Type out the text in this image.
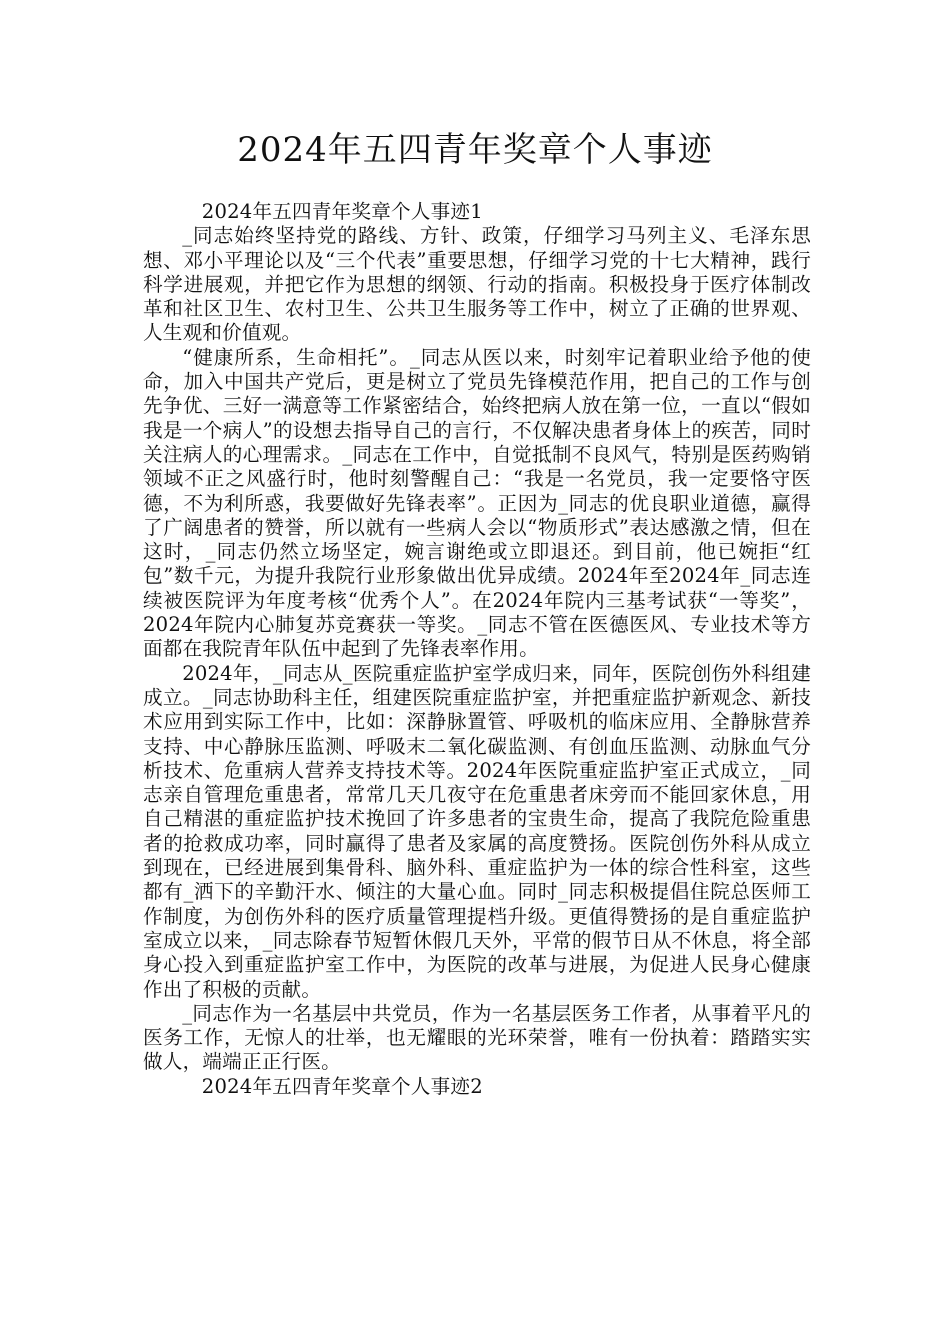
2024年五四青年奖章个人事迹

2024年五四青年奖章个人事迹1

_同志始终坚持党的路线、方针、政策，仔细学习马列主义、毛泽东思想、邓小平理论以及“三个代表”重要思想，仔细学习党的十七大精神，践行科学进展观，并把它作为思想的纲领、行动的指南。积极投身于医疗体制改革和社区卫生、农村卫生、公共卫生服务等工作中，树立了正确的世界观、人生观和价值观。

“健康所系，生命相托”。_同志从医以来，时刻牢记着职业给予他的使命，加入中国共产党后，更是树立了党员先锋模范作用，把自己的工作与创先争优、三好一满意等工作紧密结合，始终把病人放在第一位，一直以“假如我是一个病人”的设想去指导自己的言行，不仅解决患者身体上的疾苦，同时关注病人的心理需求。_同志在工作中，自觉抵制不良风气，特别是医药购销领域不正之风盛行时，他时刻警醒自己：“我是一名党员，我一定要恪守医德，不为利所惑，我要做好先锋表率”。正因为_同志的优良职业道德，赢得了广阔患者的赞誉，所以就有一些病人会以“物质形式”表达感激之情，但在这时，_同志仍然立场坚定，婉言谢绝或立即退还。到目前，他已婉拒“红包”数千元，为提升我院行业形象做出优异成绩。2024年至2024年_同志连续被医院评为年度考核“优秀个人”。在2024年院内三基考试获“一等奖”，2024年院内心肺复苏竞赛获一等奖。_同志不管在医德医风、专业技术等方面都在我院青年队伍中起到了先锋表率作用。

2024年，_同志从_医院重症监护室学成归来，同年，医院创伤外科组建成立。_同志协助科主任，组建医院重症监护室，并把重症监护新观念、新技术应用到实际工作中，比如：深静脉置管、呼吸机的临床应用、全静脉营养支持、中心静脉压监测、呼吸末二氧化碳监测、有创血压监测、动脉血气分析技术、危重病人营养支持技术等。2024年医院重症监护室正式成立，_同志亲自管理危重患者，常常几天几夜守在危重患者床旁而不能回家休息，用自己精湛的重症监护技术挽回了许多患者的宝贵生命，提高了我院危险重患者的抢救成功率，同时赢得了患者及家属的高度赞扬。医院创伤外科从成立到现在，已经进展到集骨科、脑外科、重症监护为一体的综合性科室，这些都有_洒下的辛勤汗水、倾注的大量心血。同时_同志积极提倡住院总医师工作制度，为创伤外科的医疗质量管理提档升级。更值得赞扬的是自重症监护室成立以来，_同志除春节短暂休假几天外，平常的假节日从不休息，将全部身心投入到重症监护室工作中，为医院的改革与进展，为促进人民身心健康作出了积极的贡献。

_同志作为一名基层中共党员，作为一名基层医务工作者，从事着平凡的医务工作，无惊人的壮举，也无耀眼的光环荣誉，唯有一份执着：踏踏实实做人，端端正正行医。

2024年五四青年奖章个人事迹2
